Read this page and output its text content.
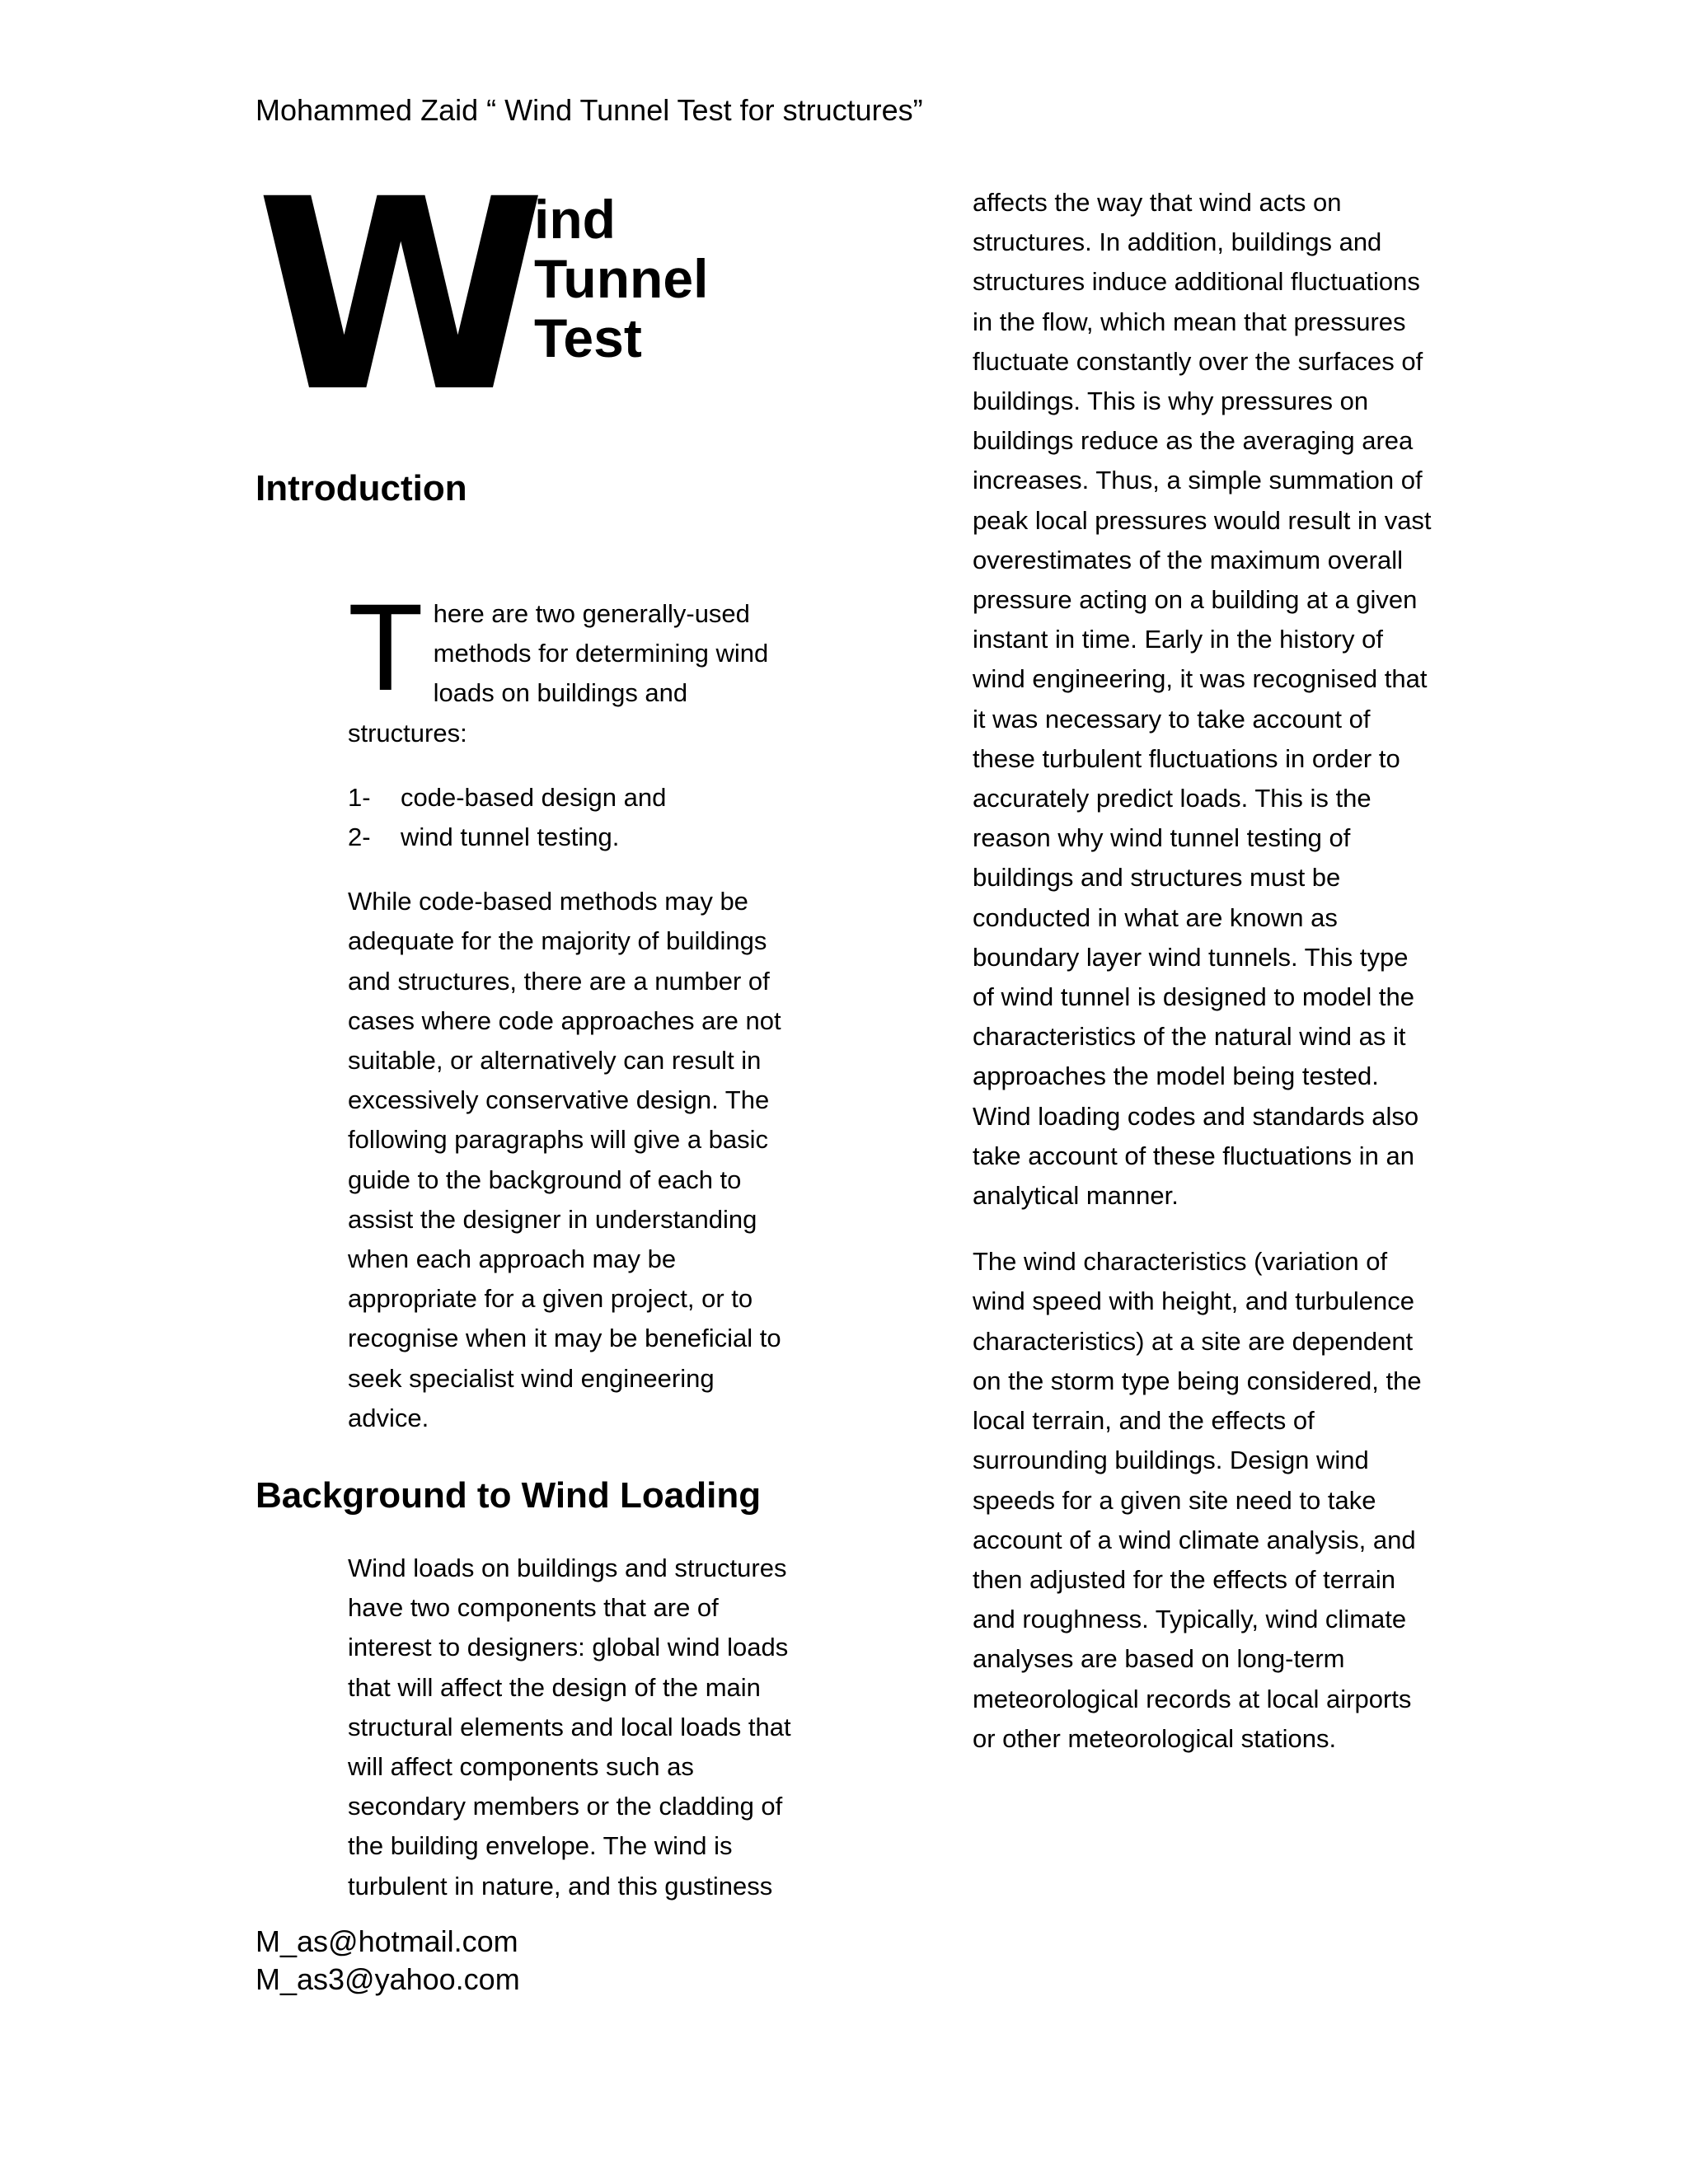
Mohammed Zaid “ Wind Tunnel Test for structures”
W ind
Tunnel
Test
Introduction

T here are two generally-used methods for determining wind loads on buildings and structures:

1-	code-based design and
2-	wind tunnel testing.

While code-based methods may be adequate for the majority of buildings and structures, there are a number of cases where code approaches are not suitable, or alternatively can result in excessively conservative design. The following paragraphs will give a basic guide to the background of each to assist the designer in understanding when each approach may be appropriate for a given project, or to recognise when it may be beneficial to seek specialist wind engineering advice.

Background to Wind Loading

Wind loads on buildings and structures have two components that are of interest to designers: global wind loads that will affect the design of the main structural elements and local loads that will affect components such as secondary members or the cladding of the building envelope. The wind is turbulent in nature, and this gustiness

affects the way that wind acts on structures. In addition, buildings and structures induce additional fluctuations in the flow, which mean that pressures fluctuate constantly over the surfaces of buildings. This is why pressures on buildings reduce as the averaging area increases. Thus, a simple summation of peak local pressures would result in vast overestimates of the maximum overall pressure acting on a building at a given instant in time. Early in the history of wind engineering, it was recognised that it was necessary to take account of these turbulent fluctuations in order to accurately predict loads. This is the reason why wind tunnel testing of buildings and structures must be conducted in what are known as boundary layer wind tunnels. This type of wind tunnel is designed to model the characteristics of the natural wind as it approaches the model being tested. Wind loading codes and standards also take account of these fluctuations in an analytical manner.

The wind characteristics (variation of wind speed with height, and turbulence characteristics) at a site are dependent on the storm type being considered, the local terrain, and the effects of surrounding buildings. Design wind speeds for a given site need to take account of a wind climate analysis, and then adjusted for the effects of terrain and roughness. Typically, wind climate analyses are based on long-term meteorological records at local airports or other meteorological stations.

M_as@hotmail.com
M_as3@yahoo.com
